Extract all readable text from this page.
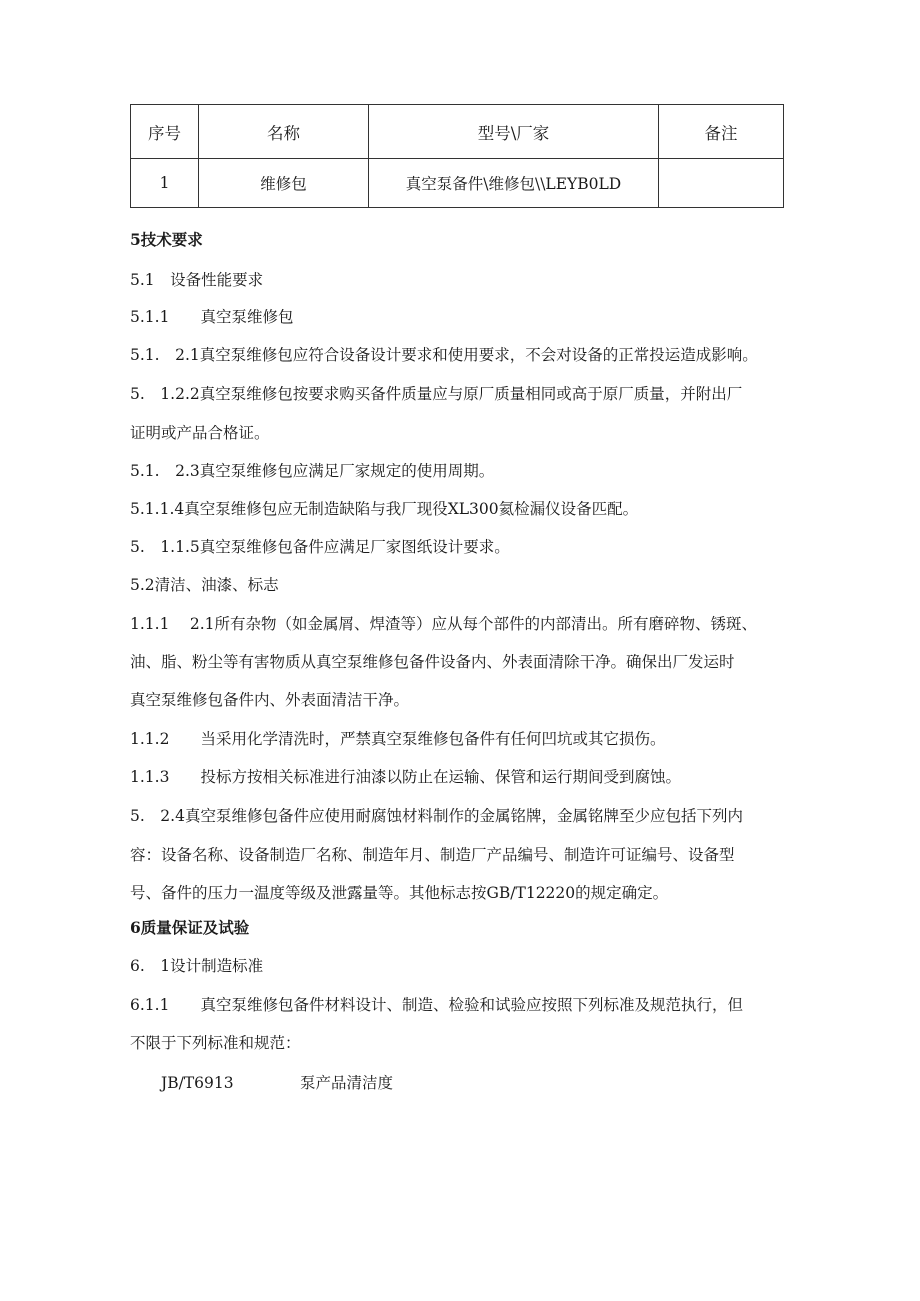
序号	名称	型号\厂家	备注
1	维修包	真空泵备件\维修包\\LEYB0LD	
5技术要求
5.1　设备性能要求
5.1.1　　真空泵维修包
5.1.　2.1真空泵维修包应符合设备设计要求和使用要求，不会对设备的正常投运造成影响。
5.　1.2.2真空泵维修包按要求购买备件质量应与原厂质量相同或高于原厂质量，并附出厂
证明或产品合格证。
5.1.　2.3真空泵维修包应满足厂家规定的使用周期。
5.1.1.4真空泵维修包应无制造缺陷与我厂现役XL300氦检漏仪设备匹配。
5.　1.1.5真空泵维修包备件应满足厂家图纸设计要求。
5.2清洁、油漆、标志
1.1.1　 2.1所有杂物（如金属屑、焊渣等）应从每个部件的内部清出。所有磨碎物、锈斑、
油、脂、粉尘等有害物质从真空泵维修包备件设备内、外表面清除干净。确保出厂发运时
真空泵维修包备件内、外表面清洁干净。
1.1.2　　当采用化学清洗时，严禁真空泵维修包备件有任何凹坑或其它损伤。
1.1.3　　投标方按相关标准进行油漆以防止在运输、保管和运行期间受到腐蚀。
5.　2.4真空泵维修包备件应使用耐腐蚀材料制作的金属铭牌，金属铭牌至少应包括下列内
容：设备名称、设备制造厂名称、制造年月、制造厂产品编号、制造许可证编号、设备型
号、备件的压力一温度等级及泄露量等。其他标志按GB/T12220的规定确定。
6质量保证及试验
6.　1设计制造标准
6.1.1　　真空泵维修包备件材料设计、制造、检验和试验应按照下列标准及规范执行，但
不限于下列标准和规范：
JB/T6913	泵产品清洁度
